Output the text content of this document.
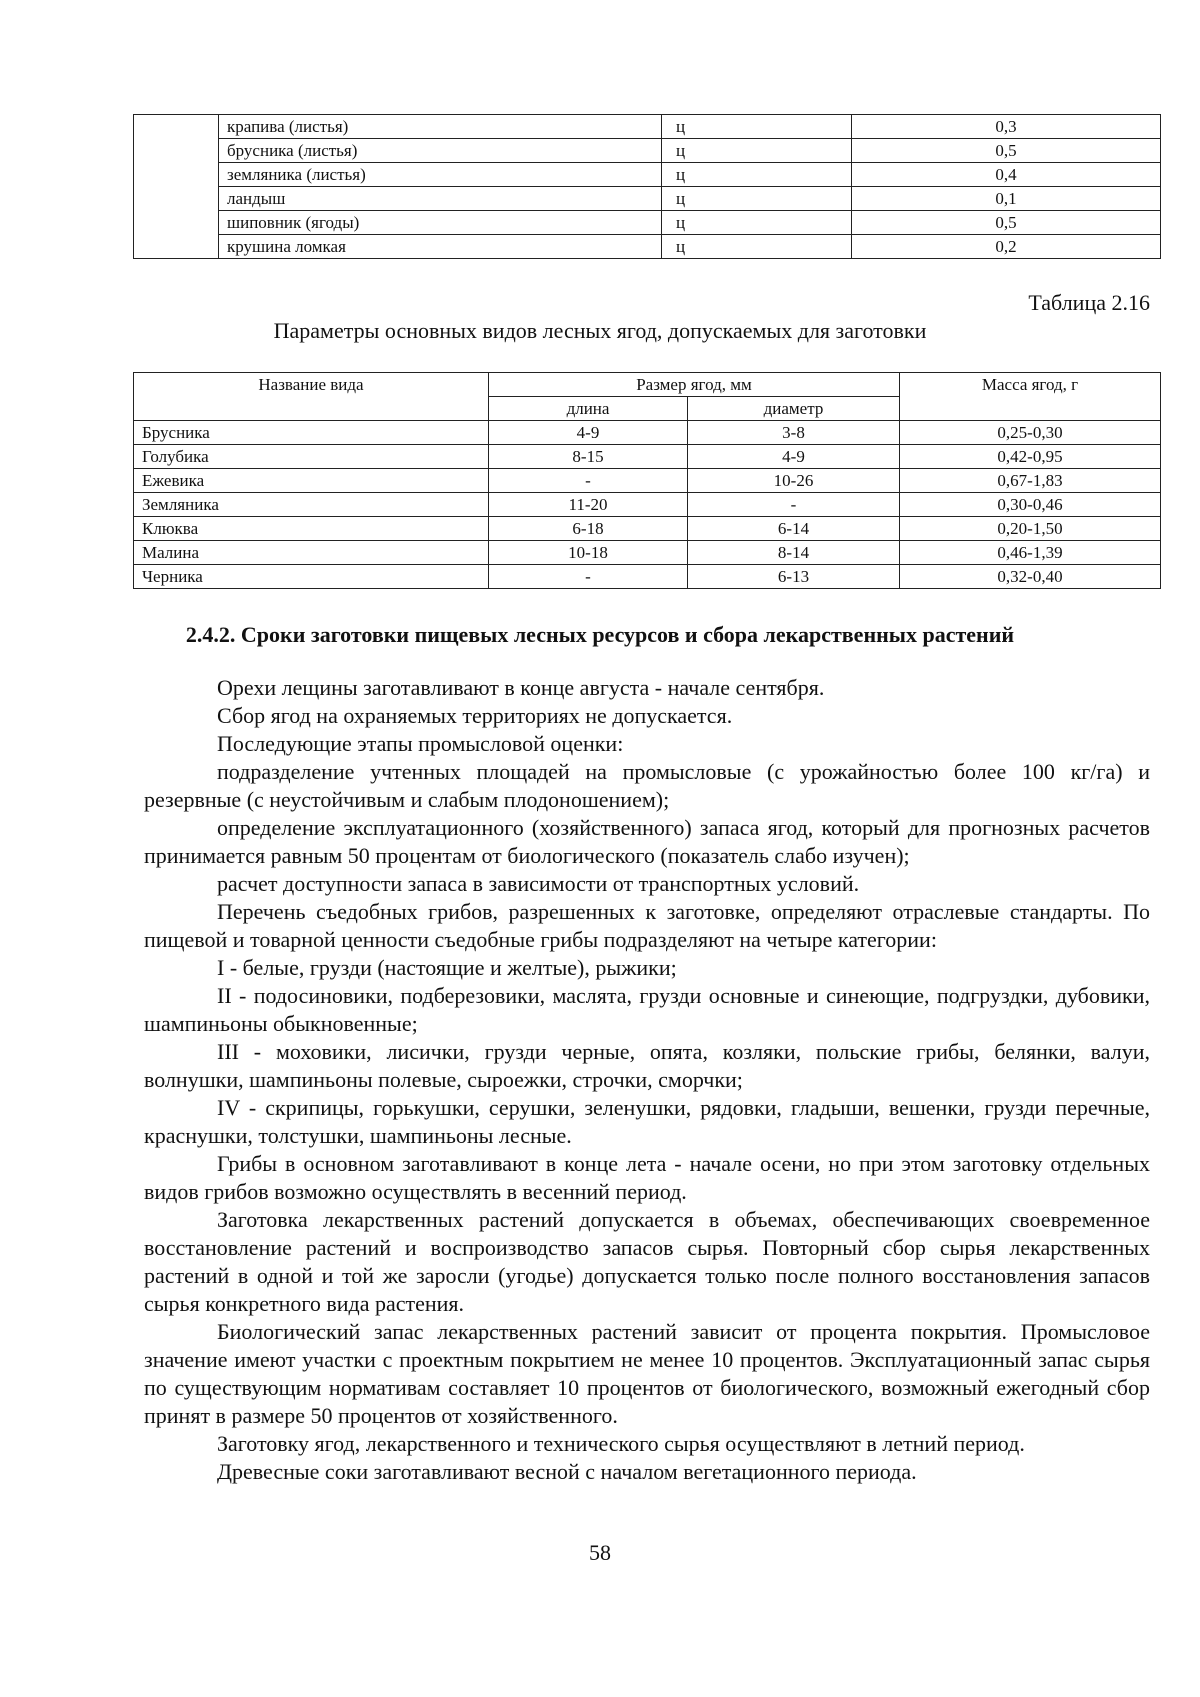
	крапива (листья)	ц	0,3
	брусника (листья)	ц	0,5
	земляника (листья)	ц	0,4
	ландыш	ц	0,1
	шиповник (ягоды)	ц	0,5
	крушина ломкая	ц	0,2
Таблица 2.16
Параметры основных видов лесных ягод, допускаемых для заготовки
Название вида	Размер ягод, мм		Масса ягод, г
	длина	диаметр	
Брусника	4-9	3-8	0,25-0,30
Голубика	8-15	4-9	0,42-0,95
Ежевика	-	10-26	0,67-1,83
Земляника	11-20	-	0,30-0,46
Клюква	6-18	6-14	0,20-1,50
Малина	10-18	8-14	0,46-1,39
Черника	-	6-13	0,32-0,40
2.4.2. Сроки заготовки пищевых лесных ресурсов и сбора лекарственных растений

Орехи лещины заготавливают в конце августа - начале сентября.

Сбор ягод на охраняемых территориях не допускается.

Последующие этапы промысловой оценки:

подразделение учтенных площадей на промысловые (с урожайностью более 100 кг/га) и резервные (с неустойчивым и слабым плодоношением);

определение эксплуатационного (хозяйственного) запаса ягод, который для прогнозных расчетов принимается равным 50 процентам от биологического (показатель слабо изучен);

расчет доступности запаса в зависимости от транспортных условий.

Перечень съедобных грибов, разрешенных к заготовке, определяют отраслевые стандарты. По пищевой и товарной ценности съедобные грибы подразделяют на четыре категории:

I - белые, грузди (настоящие и желтые), рыжики;

II - подосиновики, подберезовики, маслята, грузди основные и синеющие, подгруздки, дубовики, шампиньоны обыкновенные;

III - моховики, лисички, грузди черные, опята, козляки, польские грибы, белянки, валуи, волнушки, шампиньоны полевые, сыроежки, строчки, сморчки;

IV - скрипицы, горькушки, серушки, зеленушки, рядовки, гладыши, вешенки, грузди перечные, краснушки, толстушки, шампиньоны лесные.

Грибы в основном заготавливают в конце лета - начале осени, но при этом заготовку отдельных видов грибов возможно осуществлять в весенний период.

Заготовка лекарственных растений допускается в объемах, обеспечивающих своевременное восстановление растений и воспроизводство запасов сырья. Повторный сбор сырья лекарственных растений в одной и той же заросли (угодье) допускается только после полного восстановления запасов сырья конкретного вида растения.

Биологический запас лекарственных растений зависит от процента покрытия. Промысловое значение имеют участки с проектным покрытием не менее 10 процентов. Эксплуатационный запас сырья по существующим нормативам составляет 10 процентов от биологического, возможный ежегодный сбор принят в размере 50 процентов от хозяйственного.

Заготовку ягод, лекарственного и технического сырья осуществляют в летний период.

Древесные соки заготавливают весной с началом вегетационного периода.

58
